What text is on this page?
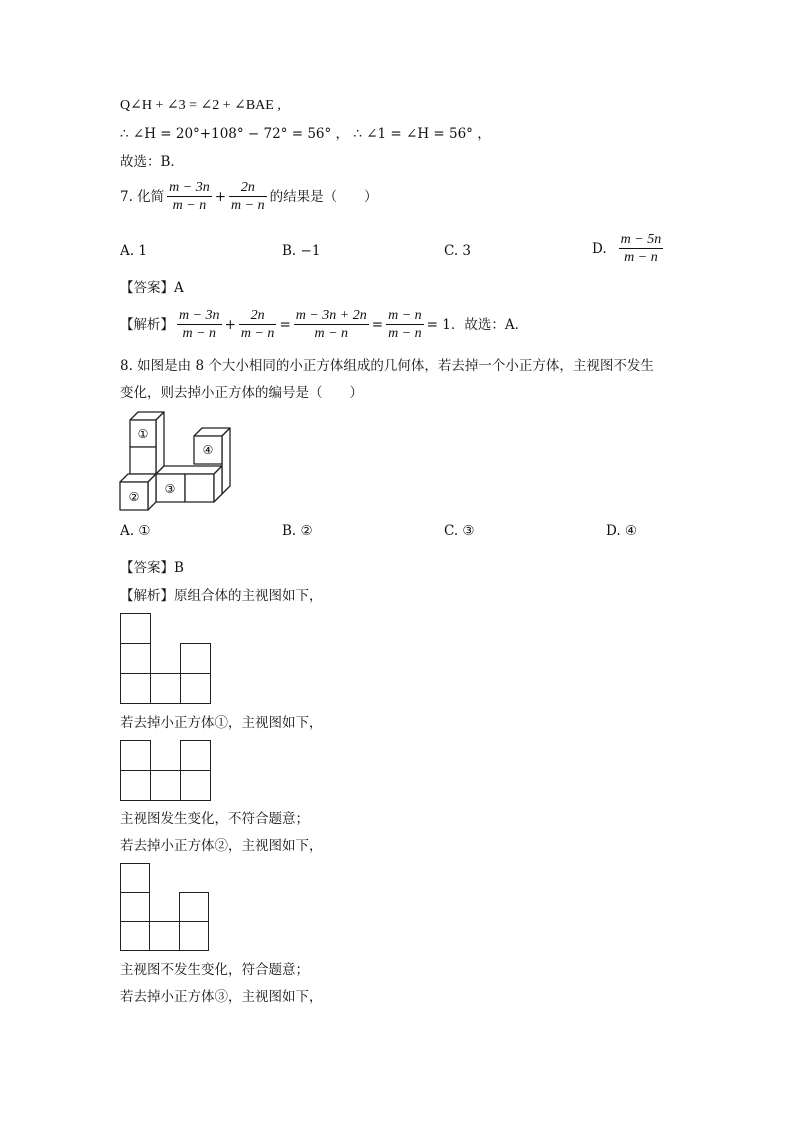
Q∠H + ∠3 = ∠2 + ∠BAE ,
∴ ∠H = 20°+108° − 72° = 56° ， ∴ ∠1 = ∠H = 56° ，
故选：B．
7. 化简 $\frac{m - 3n}{m - n} + \frac{2n}{m - n}$ 的结果是（　　）
A. 1	B. −1	C. 3	D. $\frac{m - 5n}{m - n}$
【答案】A
【解析】 $\frac{m - 3n}{m - n} + \frac{2n}{m - n} = \frac{m - 3n + 2n}{m - n} = \frac{m - n}{m - n} = 1$．故选：A．
8. 如图是由 8 个大小相同的小正方体组成的几何体，若去掉一个小正方体，主视图不发生
变化，则去掉小正方体的编号是（　　）
①
②
③
④
A. ①	B. ②	C. ③	D. ④
【答案】B
【解析】原组合体的主视图如下，
若去掉小正方体①，主视图如下，
主视图发生变化，不符合题意；
若去掉小正方体②，主视图如下，
主视图不发生变化，符合题意；
若去掉小正方体③，主视图如下，
